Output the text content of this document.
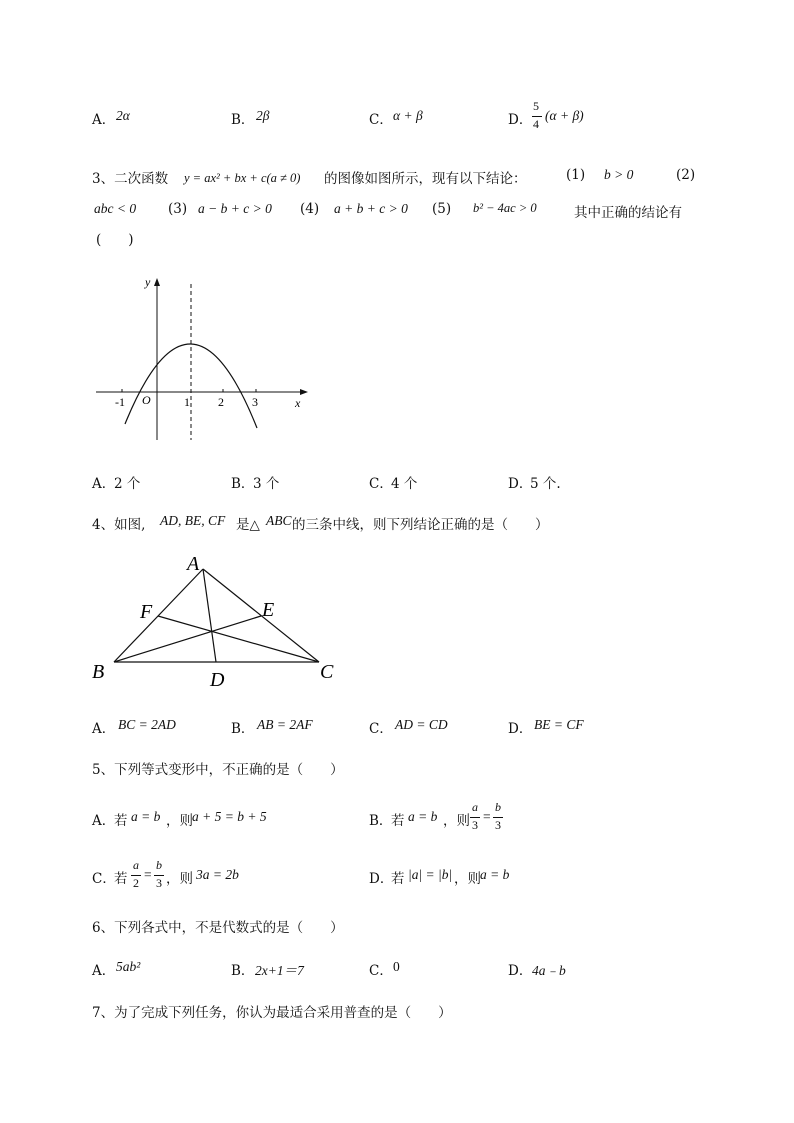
A． 2α	B． 2β	C． α + β	D．
5
4
(α + β)
3、二次函数 y = ax² + bx + c(a ≠ 0) 的图像如图所示，现有以下结论：	(1) b > 0	(2)
abc < 0 (3) a − b + c > 0 (4) a + b + c > 0 (5) b² − 4ac > 0	其中正确的结论有
(　　)
y
x
O
-1	1 2 3
A．
2 个	B．
3 个	C．
4 个	D．
5 个.
4、如图, AD, BE, CF 是△ ABC 的三条中线，则下列结论正确的是（　　）
A
B	C
D
E
F
A． BC = 2AD	B． AB = 2AF	C． AD = CD	D． BE = CF
5、下列等式变形中，不正确的是（　　）
A．
若 a = b ，则 a + 5 = b + 5	B．
若 a = b ，则
a
3
=
b
3
C．
若
a
2
=
b
3 ，则 3a = 2b	D．
若 |a| = |b| ，则 a = b
6、下列各式中，不是代数式的是（　　）
A． 5ab²	B． 2x+1＝7	C． 0	D． 4a﹣b
7、为了完成下列任务，你认为最适合采用普查的是（　　）
